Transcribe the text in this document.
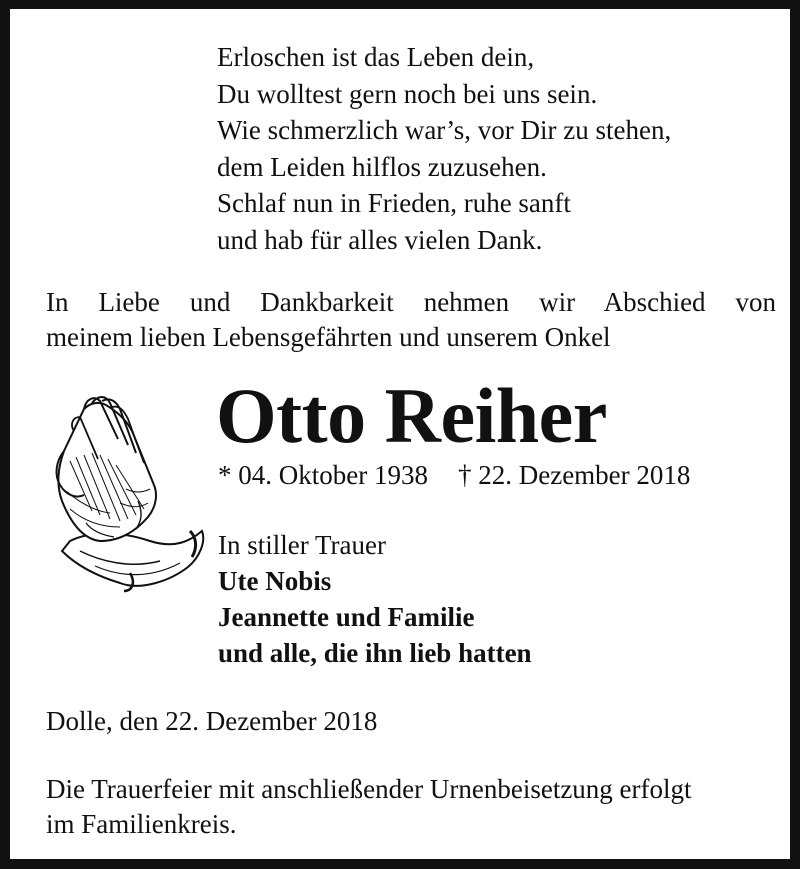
Erloschen ist das Leben dein,
Du wolltest gern noch bei uns sein.
Wie schmerzlich war’s, vor Dir zu stehen,
dem Leiden hilflos zuzusehen.
Schlaf nun in Frieden, ruhe sanft
und hab für alles vielen Dank.
In Liebe und Dankbarkeit nehmen wir Abschied von
meinem lieben Lebensgefährten und unserem Onkel
Otto Reiher
* 04. Oktober 1938 † 22. Dezember 2018
In stiller Trauer
Ute Nobis
Jeannette und Familie
und alle, die ihn lieb hatten
Dolle, den 22. Dezember 2018
Die Trauerfeier mit anschließender Urnenbeisetzung erfolgt
im Familienkreis.
